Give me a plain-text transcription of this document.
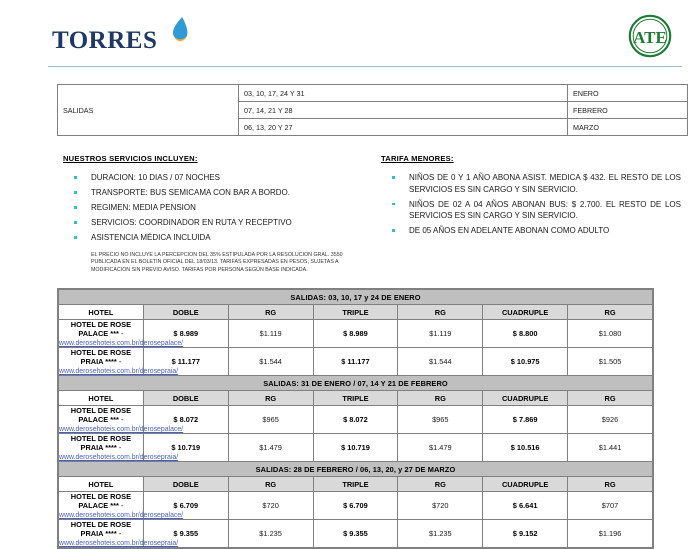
TORRES	ATE
SALIDAS	03, 10, 17, 24 Y 31	ENERO
	07, 14, 21 Y 28	FEBRERO
	06, 13, 20 Y 27	MARZO
NUESTROS SERVICIOS INCLUYEN:
DURACION: 10 DIAS / 07 NOCHES
TRANSPORTE: BUS SEMICAMA CON BAR A BORDO.
REGIMEN: MEDIA PENSION
SERVICIOS: COORDINADOR EN RUTA Y RECEPTIVO
ASISTENCIA MÉDICA INCLUIDA
EL PRECIO NO INCLUYE LA PERCEPCION DEL 35% ESTIPULADA POR LA RESOLUCION GRAL. 3550 PUBLICADA EN EL BOLETIN OFICIAL DEL 18/03/13. TARIFAS EXPRESADAS EN PESOS, SUJETAS A MODIFICACION SIN PREVIO AVISO. TARIFAS POR PERSONA SEGÚN BASE INDICADA.
TARIFA MENORES:
NIÑOS DE 0 Y 1 AÑO ABONA ASIST. MEDICA $ 432. EL RESTO DE LOS SERVICIOS ES SIN CARGO Y SIN SERVICIO.
NIÑOS DE 02 A 04 AÑOS ABONAN BUS: $ 2.700. EL RESTO DE LOS SERVICIOS ES SIN CARGO Y SIN SERVICIO.
DE 05 AÑOS EN ADELANTE ABONAN COMO ADULTO
SALIDAS: 03, 10, 17 y 24 DE ENERO						
HOTEL	DOBLE	RG	TRIPLE	RG	CUADRUPLE	RG
HOTEL DE ROSE PALACE *** - www.derosehoteis.com.br/derosepalace/	$ 8.989	$1.119	$ 8.989	$1.119	$ 8.800	$1.080
HOTEL DE ROSE PRAIA **** - www.derosehoteis.com.br/derosepraia/	$ 11.177	$1.544	$ 11.177	$1.544	$ 10.975	$1.505
SALIDAS: 31 DE ENERO / 07, 14 Y 21 DE FEBRERO						
HOTEL	DOBLE	RG	TRIPLE	RG	CUADRUPLE	RG
HOTEL DE ROSE PALACE *** - www.derosehoteis.com.br/derosepalace/	$ 8.072	$965	$ 8.072	$965	$ 7.869	$926
HOTEL DE ROSE PRAIA **** - www.derosehoteis.com.br/derosepraia/	$ 10.719	$1.479	$ 10.719	$1.479	$ 10.516	$1.441
SALIDAS: 28 DE FEBRERO / 06, 13, 20, y 27 DE MARZO						
HOTEL	DOBLE	RG	TRIPLE	RG	CUADRUPLE	RG
HOTEL DE ROSE PALACE *** - www.derosehoteis.com.br/derosepalace/	$ 6.709	$720	$ 6.709	$720	$ 6.641	$707
HOTEL DE ROSE PRAIA **** - www.derosehoteis.com.br/derosepraia/	$ 9.355	$1.235	$ 9.355	$1.235	$ 9.152	$1.196
